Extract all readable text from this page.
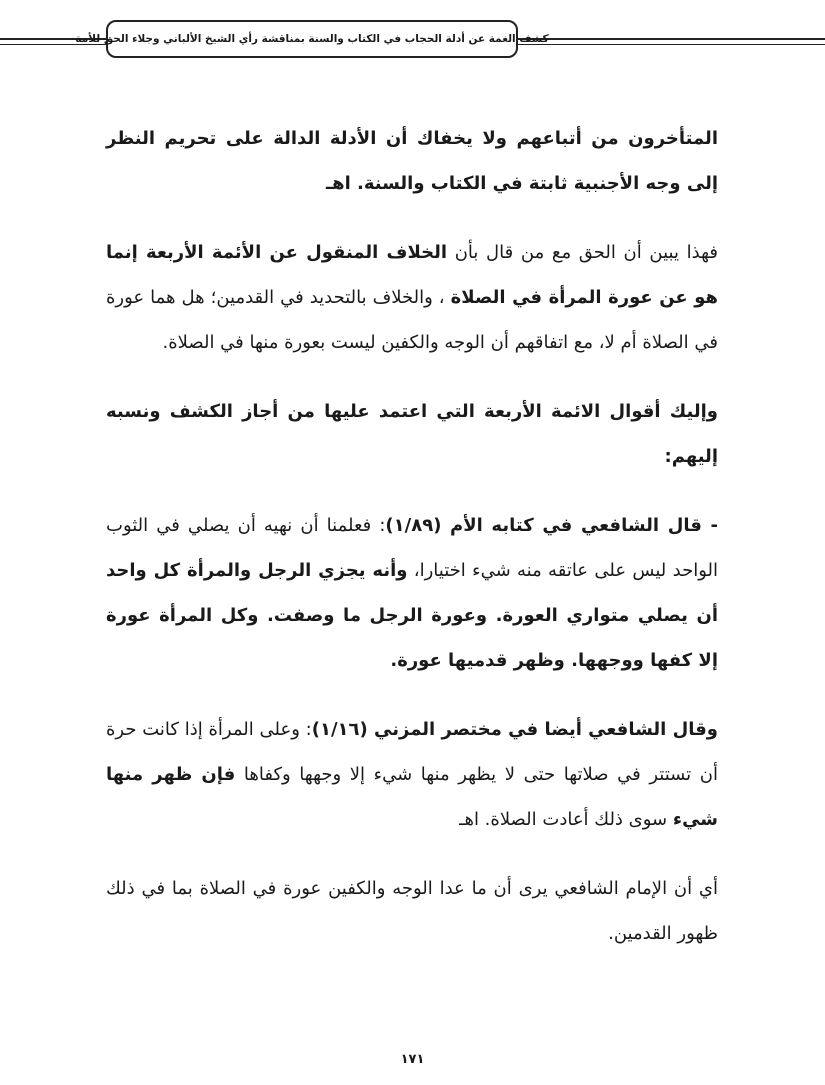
كشف الغمة عن أدلة الحجاب في الكتاب والسنة بمناقشة رأي الشيخ الألباني وجلاء الحق للأمة

المتأخرون من أتباعهم ولا يخفاك أن الأدلة الدالة على تحريم النظر إلى وجه الأجنبية ثابتة في الكتاب والسنة. اهـ

فهذا يبين أن الحق مع من قال بأن الخلاف المنقول عن الأئمة الأربعة إنما هو عن عورة المرأة في الصلاة ، والخلاف بالتحديد في القدمين؛ هل هما عورة في الصلاة أم لا، مع اتفاقهم أن الوجه والكفين ليست بعورة منها في الصلاة.

وإليك أقوال الائمة الأربعة التي اعتمد عليها من أجاز الكشف ونسبه إليهم:

- قال الشافعي في كتابه الأم (١/٨٩): فعلمنا أن نهيه أن يصلي في الثوب الواحد ليس على عاتقه منه شيء اختيارا، وأنه يجزي الرجل والمرأة كل واحد أن يصلي متواري العورة. وعورة الرجل ما وصفت. وكل المرأة عورة إلا كفها ووجهها. وظهر قدميها عورة.

وقال الشافعي أيضا في مختصر المزني (١/١٦): وعلى المرأة إذا كانت حرة أن تستتر في صلاتها حتى لا يظهر منها شيء إلا وجهها وكفاها فإن ظهر منها شيء سوى ذلك أعادت الصلاة. اهـ

أي أن الإمام الشافعي يرى أن ما عدا الوجه والكفين عورة في الصلاة بما في ذلك ظهور القدمين.

١٧١
